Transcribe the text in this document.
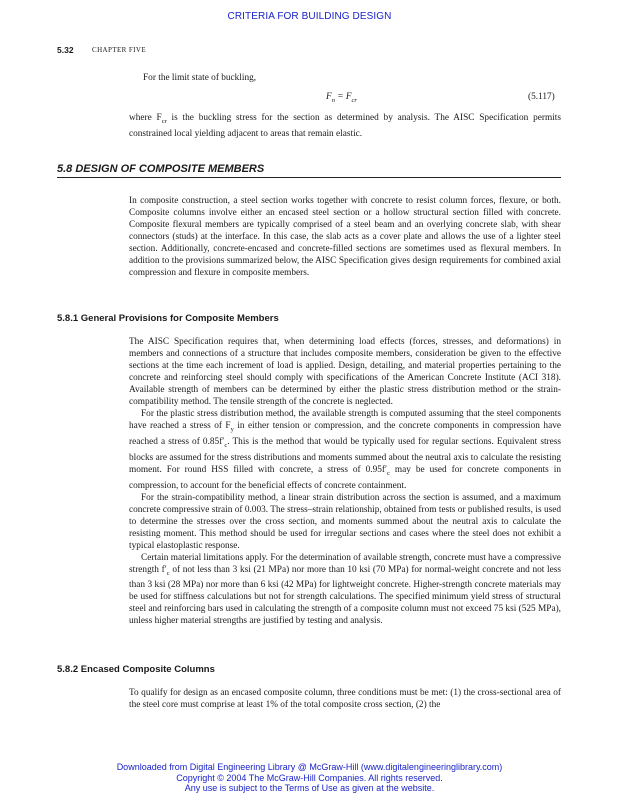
CRITERIA FOR BUILDING DESIGN
5.32	CHAPTER FIVE

For the limit state of buckling,

$F_n = F_{cr}$	(5.117)

where $F_{cr}$ is the buckling stress for the section as determined by analysis. The AISC Specification permits constrained local yielding adjacent to areas that remain elastic.

5.8 DESIGN OF COMPOSITE MEMBERS

In composite construction, a steel section works together with concrete to resist column forces, flexure, or both. Composite columns involve either an encased steel section or a hollow structural section filled with concrete. Composite flexural members are typically comprised of a steel beam and an overlying concrete slab, with shear connectors (studs) at the interface. In this case, the slab acts as a cover plate and allows the use of a lighter steel section. Additionally, concrete-encased and concrete-filled sections are sometimes used as flexural members. In addition to the provisions summarized below, the AISC Specification gives design requirements for combined axial compression and flexure in composite members.

5.8.1 General Provisions for Composite Members

The AISC Specification requires that, when determining load effects (forces, stresses, and deformations) in members and connections of a structure that includes composite members, consideration be given to the effective sections at the time each increment of load is applied. Design, detailing, and material properties pertaining to the concrete and reinforcing steel should comply with specifications of the American Concrete Institute (ACI 318). Available strength of members can be determined by either the plastic stress distribution method or the strain-compatibility method. The tensile strength of the concrete is neglected.

For the plastic stress distribution method, the available strength is computed assuming that the steel components have reached a stress of $F_y$ in either tension or compression, and the concrete components in compression have reached a stress of $0.85f'_c$. This is the method that would be typically used for regular sections. Equivalent stress blocks are assumed for the stress distributions and moments summed about the neutral axis to calculate the resisting moment. For round HSS filled with concrete, a stress of $0.95f'_c$ may be used for concrete components in compression, to account for the beneficial effects of concrete containment.

For the strain-compatibility method, a linear strain distribution across the section is assumed, and a maximum concrete compressive strain of 0.003. The stress–strain relationship, obtained from tests or published results, is used to determine the stresses over the cross section, and moments summed about the neutral axis to calculate the resisting moment. This method should be used for irregular sections and cases where the steel does not exhibit a typical elastoplastic response.

Certain material limitations apply. For the determination of available strength, concrete must have a compressive strength $f'_c$ of not less than 3 ksi (21 MPa) nor more than 10 ksi (70 MPa) for normal-weight concrete and not less than 3 ksi (28 MPa) nor more than 6 ksi (42 MPa) for lightweight concrete. Higher-strength concrete materials may be used for stiffness calculations but not for strength calculations. The specified minimum yield stress of structural steel and reinforcing bars used in calculating the strength of a composite column must not exceed 75 ksi (525 MPa), unless higher material strengths are justified by testing and analysis.

5.8.2 Encased Composite Columns

To qualify for design as an encased composite column, three conditions must be met: (1) the cross-sectional area of the steel core must comprise at least 1% of the total composite cross section, (2) the

Downloaded from Digital Engineering Library @ McGraw-Hill (www.digitalengineeringlibrary.com)
Copyright © 2004 The McGraw-Hill Companies. All rights reserved.
Any use is subject to the Terms of Use as given at the website.
